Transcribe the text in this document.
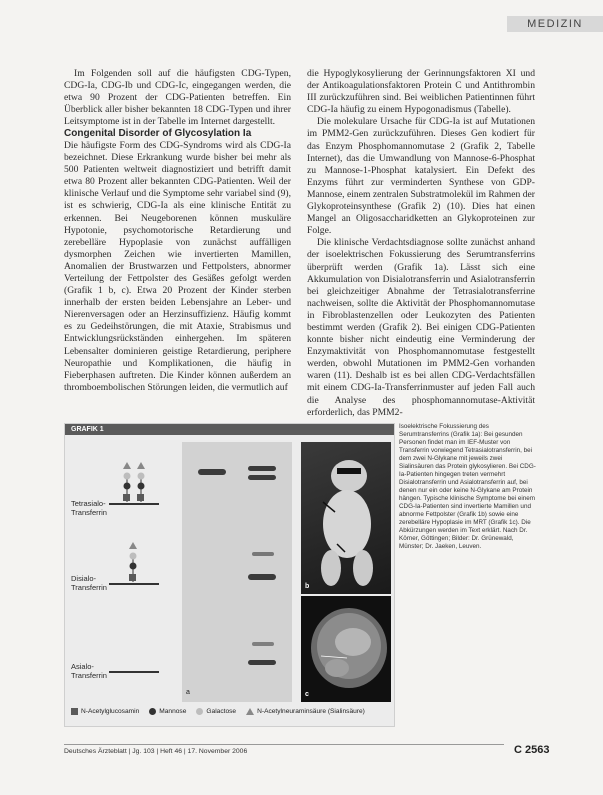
MEDIZIN

Im Folgenden soll auf die häufigsten CDG-Typen, CDG-Ia, CDG-Ib und CDG-Ic, eingegangen werden, die etwa 90 Prozent der CDG-Patienten betreffen. Ein Überblick aller bisher bekannten 18 CDG-Typen und ihrer Leitsymptome ist in der Tabelle im Internet dargestellt.

Congenital Disorder of Glycosylation Ia

Die häufigste Form des CDG-Syndroms wird als CDG-Ia bezeichnet. Diese Erkrankung wurde bisher bei mehr als 500 Patienten weltweit diagnostiziert und betrifft damit etwa 80 Prozent aller bekannten CDG-Patienten. Weil der klinische Verlauf und die Symptome sehr variabel sind (9), ist es schwierig, CDG-Ia als eine klinische Entität zu erkennen. Bei Neugeborenen können muskuläre Hypotonie, psychomotorische Retardierung und zerebelläre Hypoplasie von zunächst auffälligen dysmorphen Zeichen wie invertierten Mamillen, Anomalien der Brustwarzen und Fettpolsters, abnormer Verteilung der Fettpolster des Gesäßes gefolgt werden (Grafik 1 b, c). Etwa 20 Prozent der Kinder sterben innerhalb der ersten beiden Lebensjahre an Leber- und Nierenversagen oder an Herzinsuffizienz. Häufig kommt es zu Gedeihstörungen, die mit Ataxie, Strabismus und Entwicklungsrückständen einhergehen. Im späteren Lebensalter dominieren geistige Retardierung, periphere Neuropathie und Komplikationen, die häufig in Fieberphasen auftreten. Die Kinder können außerdem an thromboembolischen Störungen leiden, die vermutlich auf

die Hypoglykosylierung der Gerinnungsfaktoren XI und der Antikoagulationsfaktoren Protein C und Antithrombin III zurückzuführen sind. Bei weiblichen Patientinnen führt CDG-Ia häufig zu einem Hypogonadismus (Tabelle).

Die molekulare Ursache für CDG-Ia ist auf Mutationen im PMM2-Gen zurückzuführen. Dieses Gen kodiert für das Enzym Phosphomannomutase 2 (Grafik 2, Tabelle Internet), das die Umwandlung von Mannose-6-Phosphat zu Mannose-1-Phosphat katalysiert. Ein Defekt des Enzyms führt zur verminderten Synthese von GDP-Mannose, einem zentralen Substratmolekül im Rahmen der Glykoproteinsynthese (Grafik 2) (10). Dies hat einen Mangel an Oligosaccharidketten an Glykoproteinen zur Folge.

Die klinische Verdachtsdiagnose sollte zunächst anhand der isoelektrischen Fokussierung des Serumtransferrins überprüft werden (Grafik 1a). Lässt sich eine Akkumulation von Disialotransferrin und Asialotransferrin bei gleichzeitiger Abnahme der Tetrasialotransferrine nachweisen, sollte die Aktivität der Phosphomannomutase in Fibroblastenzellen oder Leukozyten des Patienten bestimmt werden (Grafik 2). Bei einigen CDG-Patienten konnte bisher nicht eindeutig eine Verminderung der Enzymaktivität von Phosphomannomutase festgestellt werden, obwohl Mutationen im PMM2-Gen vorhanden waren (11). Deshalb ist es bei allen CDG-Verdachtsfällen mit einem CDG-Ia-Transferrinmuster auf jeden Fall auch die Analyse des phosphomannomutase-Aktivität erforderlich, das PMM2-

GRAFIK 1
Tetrasialo-
Transferrin
Disialo-
Transferrin
Asialo-
Transferrin
a
b
c
N-Acetylglucosamin	Mannose	Galactose	N-Acetylneuraminsäure (Sialinsäure)

Isoelektrische Fokussierung des Serumtransferrins (Grafik 1a): Bei gesunden Personen findet man im IEF-Muster von Transferrin vorwiegend Tetrasialotransferrin, bei dem zwei N-Glykane mit jeweils zwei Sialinsäuren das Protein glykosylieren. Bei CDG-Ia-Patienten hingegen treten vermehrt Disialotransferrin und Asialotransferrin auf, bei denen nur ein oder keine N-Glykane am Protein hängen. Typische klinische Symptome bei einem CDG-Ia-Patienten sind invertierte Mamillen und abnorme Fettpolster (Grafik 1b) sowie eine zerebelläre Hypoplasie im MRT (Grafik 1c). Die Abkürzungen werden im Text erklärt. Nach Dr. Körner, Göttingen; Bilder: Dr. Grünewald, Münster; Dr. Jaeken, Leuven.

Deutsches Ärzteblatt | Jg. 103 | Heft 46 | 17. November 2006	C 2563
